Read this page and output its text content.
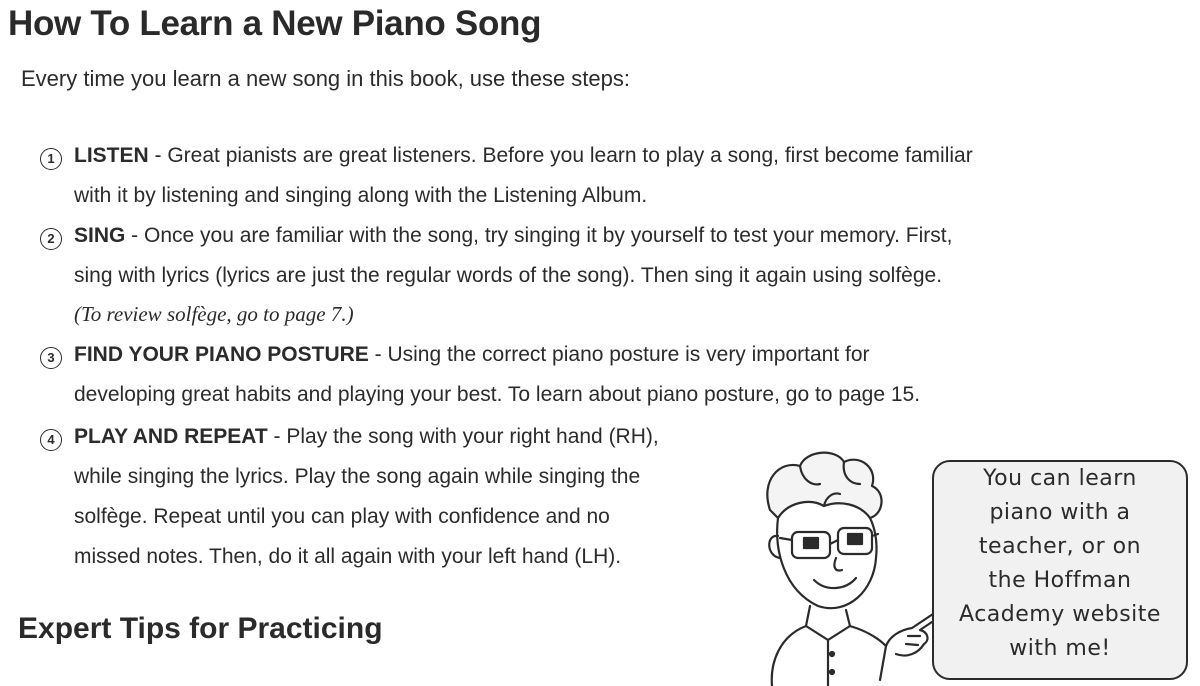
How To Learn a New Piano Song
Every time you learn a new song in this book, use these steps:
1 LISTEN - Great pianists are great listeners. Before you learn to play a song, first become familiar
with it by listening and singing along with the Listening Album.
2 SING - Once you are familiar with the song, try singing it by yourself to test your memory. First,
sing with lyrics (lyrics are just the regular words of the song). Then sing it again using solfège.
(To review solfège, go to page 7.)
3 FIND YOUR PIANO POSTURE - Using the correct piano posture is very important for
developing great habits and playing your best. To learn about piano posture, go to page 15.
4 PLAY AND REPEAT - Play the song with your right hand (RH),
while singing the lyrics. Play the song again while singing the
solfège. Repeat until you can play with confidence and no
missed notes. Then, do it all again with your left hand (LH).
Expert Tips for Practicing
You can learn
piano with a
teacher, or on
the Hoffman
Academy website
with me!
